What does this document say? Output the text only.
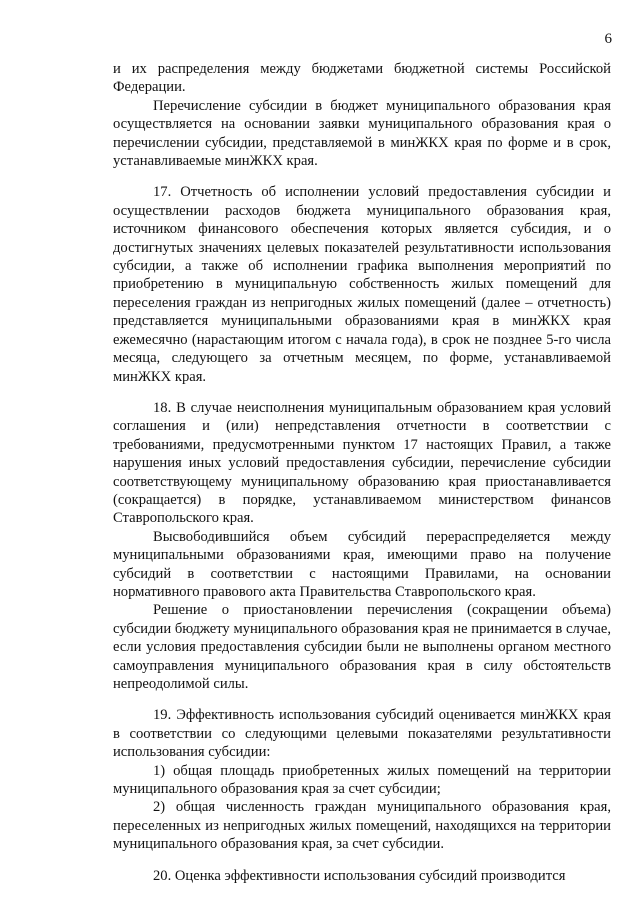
6

и их распределения между бюджетами бюджетной системы Российской Федерации.

Перечисление субсидии в бюджет муниципального образования края осуществляется на основании заявки муниципального образования края о перечислении субсидии, представляемой в минЖКХ края по форме и в срок, устанавливаемые минЖКХ края.

17. Отчетность об исполнении условий предоставления субсидии и осуществлении расходов бюджета муниципального образования края, источником финансового обеспечения которых является субсидия, и о достигнутых значениях целевых показателей результативности использования субсидии, а также об исполнении графика выполнения мероприятий по приобретению в муниципальную собственность жилых помещений для переселения граждан из непригодных жилых помещений (далее – отчетность) представляется муниципальными образованиями края в минЖКХ края ежемесячно (нарастающим итогом с начала года), в срок не позднее 5-го числа месяца, следующего за отчетным месяцем, по форме, устанавливаемой минЖКХ края.

18. В случае неисполнения муниципальным образованием края условий соглашения и (или) непредставления отчетности в соответствии с требованиями, предусмотренными пунктом 17 настоящих Правил, а также нарушения иных условий предоставления субсидии, перечисление субсидии соответствующему муниципальному образованию края приостанавливается (сокращается) в порядке, устанавливаемом министерством финансов Ставропольского края.

Высвободившийся объем субсидий перераспределяется между муниципальными образованиями края, имеющими право на получение субсидий в соответствии с настоящими Правилами, на основании нормативного правового акта Правительства Ставропольского края.

Решение о приостановлении перечисления (сокращении объема) субсидии бюджету муниципального образования края не принимается в случае, если условия предоставления субсидии были не выполнены органом местного самоуправления муниципального образования края в силу обстоятельств непреодолимой силы.

19. Эффективность использования субсидий оценивается минЖКХ края в соответствии со следующими целевыми показателями результативности использования субсидии:

1) общая площадь приобретенных жилых помещений на территории муниципального образования края за счет субсидии;

2) общая численность граждан муниципального образования края, переселенных из непригодных жилых помещений, находящихся на территории муниципального образования края, за счет субсидии.

20. Оценка эффективности использования субсидий производится
